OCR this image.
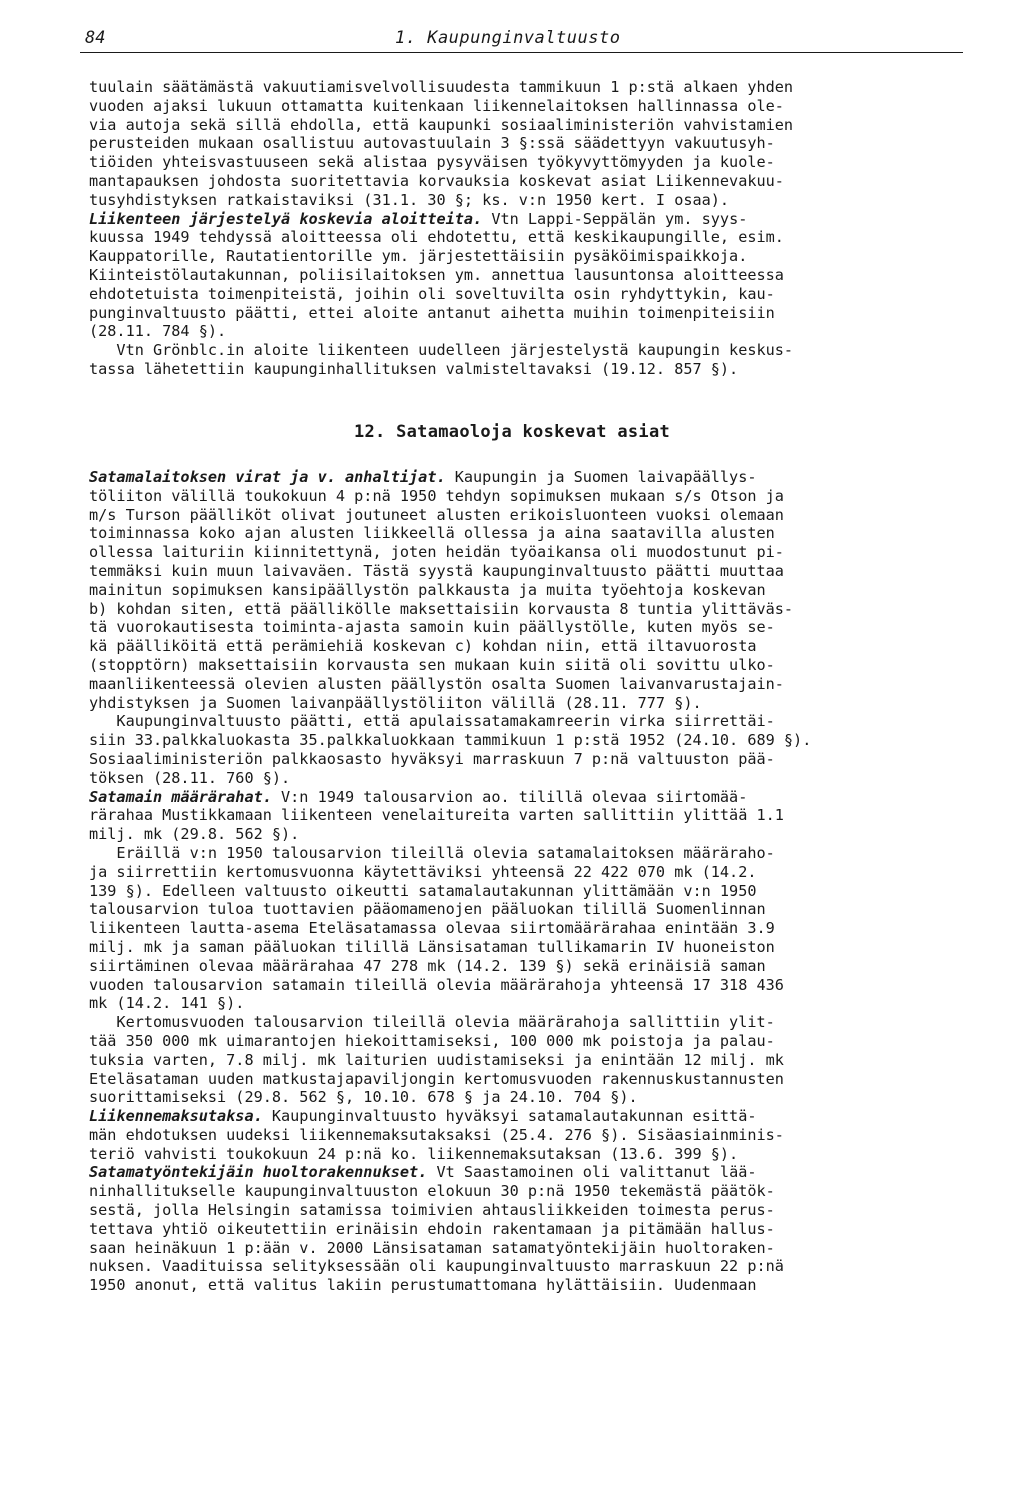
84	1. Kaupunginvaltuusto
tuulain säätämästä vakuutiamisvelvollisuudesta tammikuun 1 p:stä alkaen yhden
vuoden ajaksi lukuun ottamatta kuitenkaan liikennelaitoksen hallinnassa ole-
via autoja sekä sillä ehdolla, että kaupunki sosiaaliministeriön vahvistamien
perusteiden mukaan osallistuu autovastuulain 3 §:ssä säädettyyn vakuutusyh-
tiöiden yhteisvastuuseen sekä alistaa pysyväisen työkyvyttömyyden ja kuole-
mantapauksen johdosta suoritettavia korvauksia koskevat asiat Liikennevakuu-
tusyhdistyksen ratkaistaviksi (31.1. 30 §; ks. v:n 1950 kert. I osaa).
Liikenteen järjestelyä koskevia aloitteita. Vtn Lappi-Seppälän ym. syys-
kuussa 1949 tehdyssä aloitteessa oli ehdotettu, että keskikaupungille, esim.
Kauppatorille, Rautatientorille ym. järjestettäisiin pysäköimispaikkoja.
Kiinteistölautakunnan, poliisilaitoksen ym. annettua lausuntonsa aloitteessa
ehdotetuista toimenpiteistä, joihin oli soveltuvilta osin ryhdyttykin, kau-
punginvaltuusto päätti, ettei aloite antanut aihetta muihin toimenpiteisiin
(28.11. 784 §).
Vtn Grönblc.in aloite liikenteen uudelleen järjestelystä kaupungin keskus-
tassa lähetettiin kaupunginhallituksen valmisteltavaksi (19.12. 857 §).
12. Satamaoloja koskevat asiat
Satamalaitoksen virat ja v. anhaltijat. Kaupungin ja Suomen laivapäällys-
töliiton välillä toukokuun 4 p:nä 1950 tehdyn sopimuksen mukaan s/s Otson ja
m/s Turson päälliköt olivat joutuneet alusten erikoisluonteen vuoksi olemaan
toiminnassa koko ajan alusten liikkeellä ollessa ja aina saatavilla alusten
ollessa laituriin kiinnitettynä, joten heidän työaikansa oli muodostunut pi-
temmäksi kuin muun laivaväen. Tästä syystä kaupunginvaltuusto päätti muuttaa
mainitun sopimuksen kansipäällystön palkkausta ja muita työehtoja koskevan
b) kohdan siten, että päällikölle maksettaisiin korvausta 8 tuntia ylittäväs-
tä vuorokautisesta toiminta-ajasta samoin kuin päällystölle, kuten myös se-
kä päälliköitä että perämiehiä koskevan c) kohdan niin, että iltavuorosta
(stopptörn) maksettaisiin korvausta sen mukaan kuin siitä oli sovittu ulko-
maanliikenteessä olevien alusten päällystön osalta Suomen laivanvarustajain-
yhdistyksen ja Suomen laivanpäällystöliiton välillä (28.11. 777 §).
Kaupunginvaltuusto päätti, että apulaissatamakamreerin virka siirrettäi-
siin 33.palkkaluokasta 35.palkkaluokkaan tammikuun 1 p:stä 1952 (24.10. 689 §).
Sosiaaliministeriön palkkaosasto hyväksyi marraskuun 7 p:nä valtuuston pää-
töksen (28.11. 760 §).
Satamain määrärahat. V:n 1949 talousarvion ao. tilillä olevaa siirtomää-
rärahaa Mustikkamaan liikenteen venelaitureita varten sallittiin ylittää 1.1
milj. mk (29.8. 562 §).
Eräillä v:n 1950 talousarvion tileillä olevia satamalaitoksen määräraho-
ja siirrettiin kertomusvuonna käytettäviksi yhteensä 22 422 070 mk (14.2.
139 §). Edelleen valtuusto oikeutti satamalautakunnan ylittämään v:n 1950
talousarvion tuloa tuottavien pääomamenojen pääluokan tilillä Suomenlinnan
liikenteen lautta-asema Eteläsatamassa olevaa siirtomäärärahaa enintään 3.9
milj. mk ja saman pääluokan tilillä Länsisataman tullikamarin IV huoneiston
siirtäminen olevaa määrärahaa 47 278 mk (14.2. 139 §) sekä erinäisiä saman
vuoden talousarvion satamain tileillä olevia määrärahoja yhteensä 17 318 436
mk (14.2. 141 §).
Kertomusvuoden talousarvion tileillä olevia määrärahoja sallittiin ylit-
tää 350 000 mk uimarantojen hiekoittamiseksi, 100 000 mk poistoja ja palau-
tuksia varten, 7.8 milj. mk laiturien uudistamiseksi ja enintään 12 milj. mk
Eteläsataman uuden matkustajapaviljongin kertomusvuoden rakennuskustannusten
suorittamiseksi (29.8. 562 §, 10.10. 678 § ja 24.10. 704 §).
Liikennemaksutaksa. Kaupunginvaltuusto hyväksyi satamalautakunnan esittä-
män ehdotuksen uudeksi liikennemaksutaksaksi (25.4. 276 §). Sisäasiainminis-
teriö vahvisti toukokuun 24 p:nä ko. liikennemaksutaksan (13.6. 399 §).
Satamatyöntekijäin huoltorakennukset. Vt Saastamoinen oli valittanut lää-
ninhallitukselle kaupunginvaltuuston elokuun 30 p:nä 1950 tekemästä päätök-
sestä, jolla Helsingin satamissa toimivien ahtausliikkeiden toimesta perus-
tettava yhtiö oikeutettiin erinäisin ehdoin rakentamaan ja pitämään hallus-
saan heinäkuun 1 p:ään v. 2000 Länsisataman satamatyöntekijäin huoltoraken-
nuksen. Vaadituissa selityksessään oli kaupunginvaltuusto marraskuun 22 p:nä
1950 anonut, että valitus lakiin perustumattomana hylättäisiin. Uudenmaan
